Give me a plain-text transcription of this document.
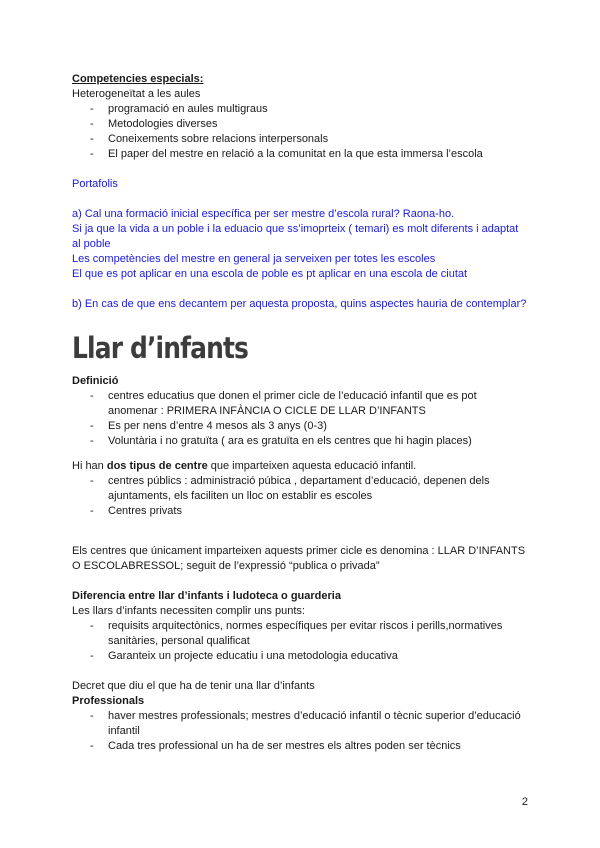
Competencies especials:

Heterogeneïtat a les aules

- programació en aules multigraus
- Metodologies diverses
- Coneixements sobre relacions interpersonals
- El paper del mestre en relació a la comunitat en la que esta immersa l’escola

Portafolis

a) Cal una formació inicial específica per ser mestre d’escola rural? Raona-ho.

Si ja que la vida a un poble i la eduacio que ss’imoprteix ( temari) es molt diferents i adaptat al poble

Les competències del mestre en general ja serveixen per totes les escoles

El que es pot aplicar en una escola de poble es pt aplicar en una escola de ciutat

b) En cas de que ens decantem per aquesta proposta, quins aspectes hauria de contemplar?

Llar d’infants

Definició

- centres educatius que donen el primer cicle de l’educació infantil que es pot anomenar : PRIMERA INFÀNCIA O CICLE DE LLAR D’INFANTS
- Es per nens d’entre 4 mesos als 3 anys (0-3)
- Voluntària i no gratuïta ( ara es gratuïta en els centres que hi hagin places)

Hi han dos tipus de centre que imparteixen aquesta educació infantil.

- centres públics : administració púbica , departament d’educació, depenen dels ajuntaments, els faciliten un lloc on establir es escoles
- Centres privats

Els centres que únicament imparteixen aquests primer cicle es denomina : LLAR D’INFANTS O ESCOLABRESSOL; seguit de l’expressió “publica o privada”

Diferencia entre llar d’infants i ludoteca o guarderia

Les llars d’infants necessiten complir uns punts:

- requisits arquitectònics, normes específiques per evitar riscos i perills,normatives sanitàries, personal qualificat
- Garanteix un projecte educatiu i una metodologia educativa

Decret que diu el que ha de tenir una llar d’infants

Professionals

- haver mestres professionals; mestres d’educació infantil o tècnic superior d’educació infantil
- Cada tres professional un ha de ser mestres els altres poden ser tècnics
2
